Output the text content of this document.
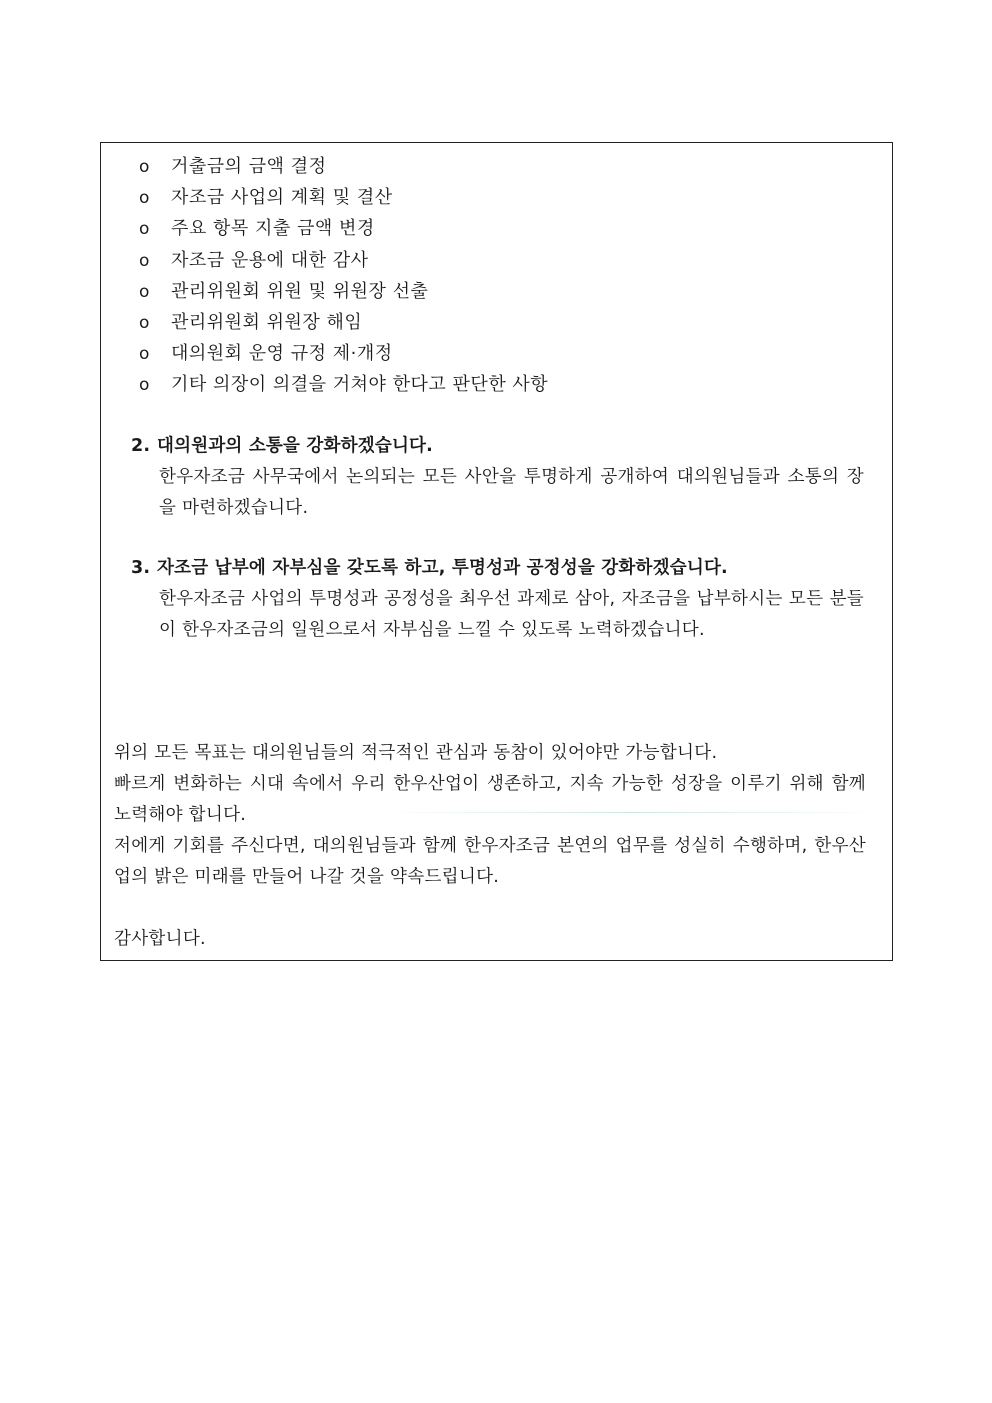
o 거출금의 금액 결정
o 자조금 사업의 계획 및 결산
o 주요 항목 지출 금액 변경
o 자조금 운용에 대한 감사
o 관리위원회 위원 및 위원장 선출
o 관리위원회 위원장 해임
o 대의원회 운영 규정 제·개정
o 기타 의장이 의결을 거쳐야 한다고 판단한 사항
2. 대의원과의 소통을 강화하겠습니다.
한우자조금 사무국에서 논의되는 모든 사안을 투명하게 공개하여 대의원님들과 소통의 장을 마련하겠습니다.
3. 자조금 납부에 자부심을 갖도록 하고, 투명성과 공정성을 강화하겠습니다.
한우자조금 사업의 투명성과 공정성을 최우선 과제로 삼아, 자조금을 납부하시는 모든 분들이 한우자조금의 일원으로서 자부심을 느낄 수 있도록 노력하겠습니다.

위의 모든 목표는 대의원님들의 적극적인 관심과 동참이 있어야만 가능합니다.

빠르게 변화하는 시대 속에서 우리 한우산업이 생존하고, 지속 가능한 성장을 이루기 위해 함께 노력해야 합니다.

저에게 기회를 주신다면, 대의원님들과 함께 한우자조금 본연의 업무를 성실히 수행하며, 한우산업의 밝은 미래를 만들어 나갈 것을 약속드립니다.

감사합니다.
